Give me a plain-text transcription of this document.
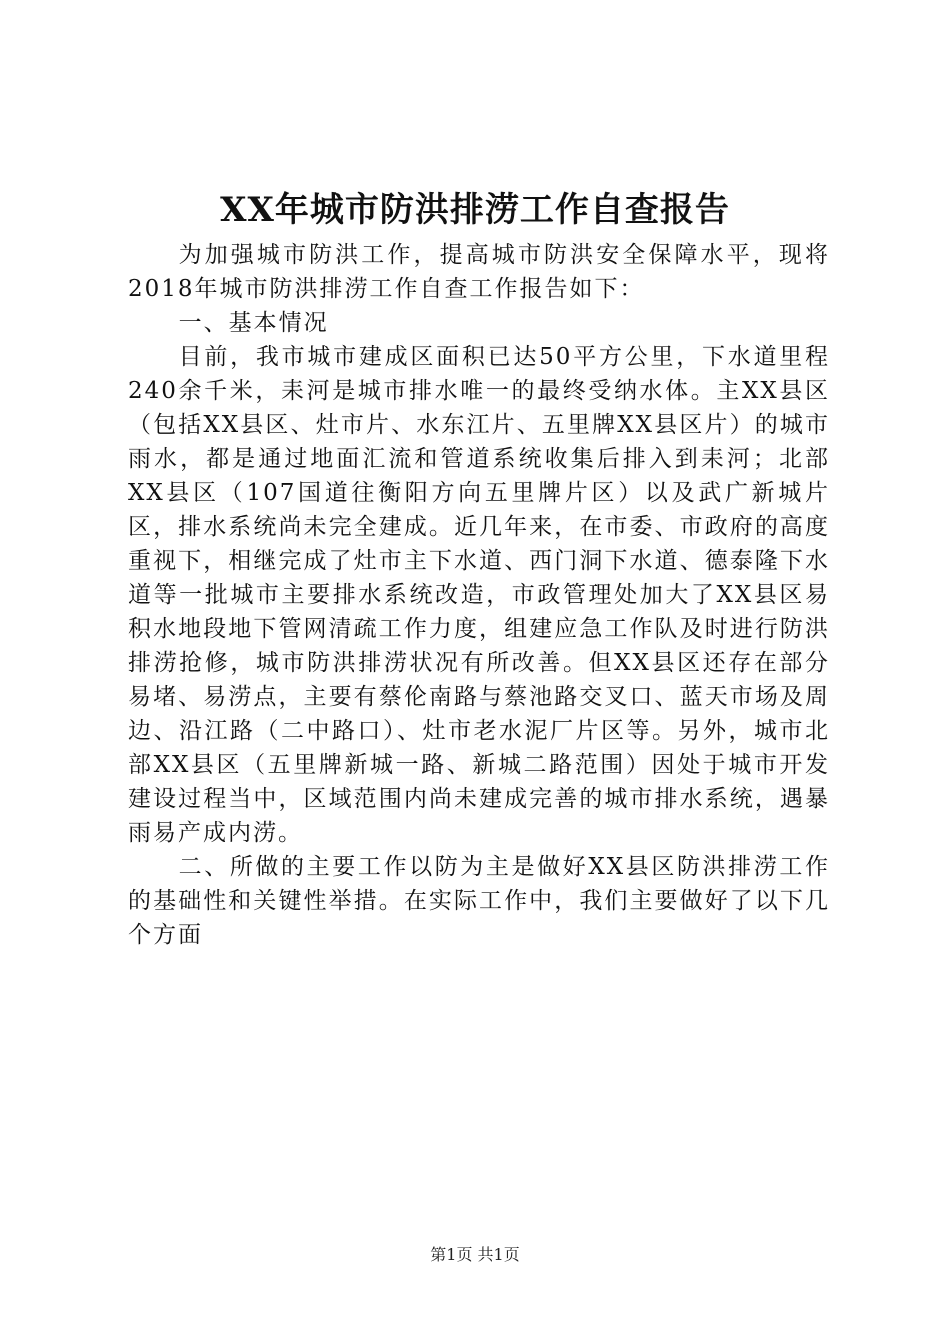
XX年城市防洪排涝工作自查报告

为加强城市防洪工作，提高城市防洪安全保障水平，现将2018年城市防洪排涝工作自查工作报告如下：

一、基本情况

目前，我市城市建成区面积已达50平方公里，下水道里程240余千米，耒河是城市排水唯一的最终受纳水体。主XX县区（包括XX县区、灶市片、水东江片、五里牌XX县区片）的城市雨水，都是通过地面汇流和管道系统收集后排入到耒河；北部XX县区（107国道往衡阳方向五里牌片区）以及武广新城片区，排水系统尚未完全建成。近几年来，在市委、市政府的高度重视下，相继完成了灶市主下水道、西门洞下水道、德泰隆下水道等一批城市主要排水系统改造，市政管理处加大了XX县区易积水地段地下管网清疏工作力度，组建应急工作队及时进行防洪排涝抢修，城市防洪排涝状况有所改善。但XX县区还存在部分易堵、易涝点，主要有蔡伦南路与蔡池路交叉口、蓝天市场及周边、沿江路（二中路口）、灶市老水泥厂片区等。另外，城市北部XX县区（五里牌新城一路、新城二路范围）因处于城市开发建设过程当中，区域范围内尚未建成完善的城市排水系统，遇暴雨易产成内涝。

二、所做的主要工作以防为主是做好XX县区防洪排涝工作的基础性和关键性举措。在实际工作中，我们主要做好了以下几个方面

第1页 共1页
